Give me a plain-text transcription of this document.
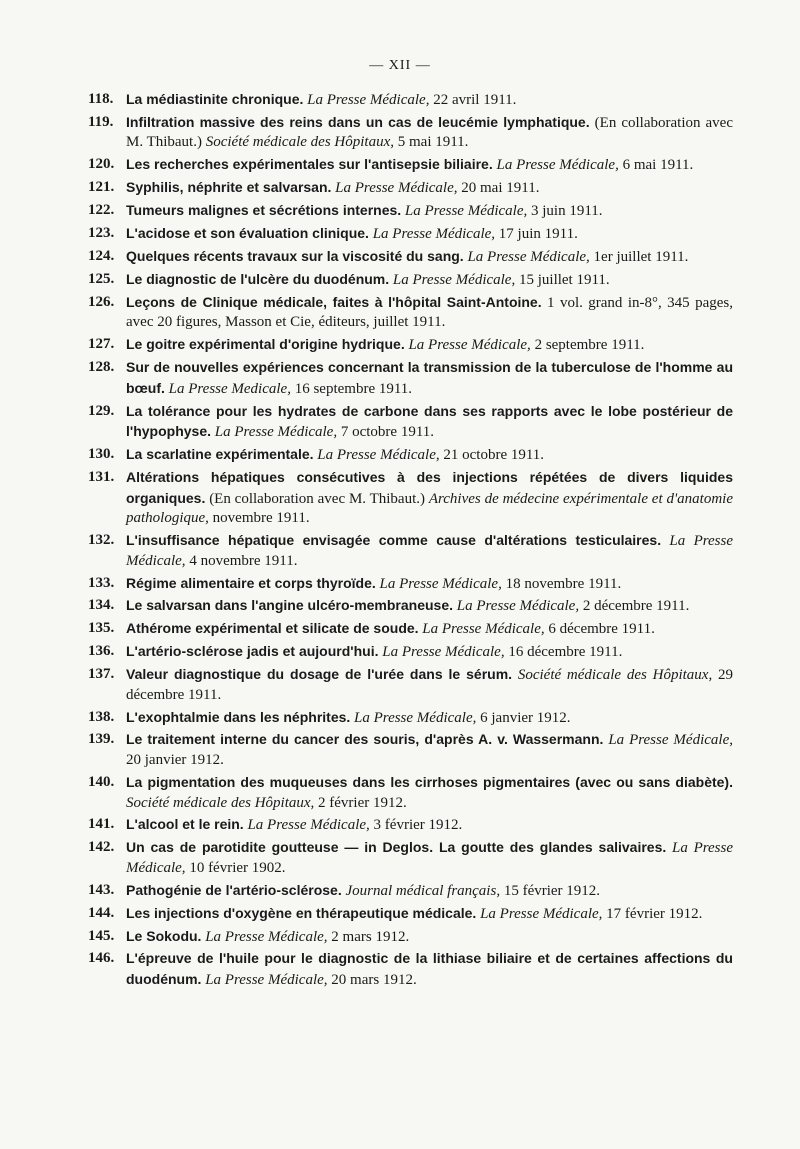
— XII —
118. La médiastinite chronique. La Presse Médicale, 22 avril 1911.
119. Infiltration massive des reins dans un cas de leucémie lymphatique. (En collaboration avec M. Thibaut.) Société médicale des Hôpitaux, 5 mai 1911.
120. Les recherches expérimentales sur l'antisepsie biliaire. La Presse Médicale, 6 mai 1911.
121. Syphilis, néphrite et salvarsan. La Presse Médicale, 20 mai 1911.
122. Tumeurs malignes et sécrétions internes. La Presse Médicale, 3 juin 1911.
123. L'acidose et son évaluation clinique. La Presse Médicale, 17 juin 1911.
124. Quelques récents travaux sur la viscosité du sang. La Presse Médicale, 1er juillet 1911.
125. Le diagnostic de l'ulcère du duodénum. La Presse Médicale, 15 juillet 1911.
126. Leçons de Clinique médicale, faites à l'hôpital Saint-Antoine. 1 vol. grand in-8°, 345 pages, avec 20 figures, Masson et Cie, éditeurs, juillet 1911.
127. Le goitre expérimental d'origine hydrique. La Presse Médicale, 2 septembre 1911.
128. Sur de nouvelles expériences concernant la transmission de la tuberculose de l'homme au bœuf. La Presse Medicale, 16 septembre 1911.
129. La tolérance pour les hydrates de carbone dans ses rapports avec le lobe postérieur de l'hypophyse. La Presse Médicale, 7 octobre 1911.
130. La scarlatine expérimentale. La Presse Médicale, 21 octobre 1911.
131. Altérations hépatiques consécutives à des injections répétées de divers liquides organiques. (En collaboration avec M. Thibaut.) Archives de médecine expérimentale et d'anatomie pathologique, novembre 1911.
132. L'insuffisance hépatique envisagée comme cause d'altérations testiculaires. La Presse Médicale, 4 novembre 1911.
133. Régime alimentaire et corps thyroïde. La Presse Médicale, 18 novembre 1911.
134. Le salvarsan dans l'angine ulcéro-membraneuse. La Presse Médicale, 2 décembre 1911.
135. Athérome expérimental et silicate de soude. La Presse Médicale, 6 décembre 1911.
136. L'artério-sclérose jadis et aujourd'hui. La Presse Médicale, 16 décembre 1911.
137. Valeur diagnostique du dosage de l'urée dans le sérum. Société médicale des Hôpitaux, 29 décembre 1911.
138. L'exophtalmie dans les néphrites. La Presse Médicale, 6 janvier 1912.
139. Le traitement interne du cancer des souris, d'après A. v. Wassermann. La Presse Médicale, 20 janvier 1912.
140. La pigmentation des muqueuses dans les cirrhoses pigmentaires (avec ou sans diabète). Société médicale des Hôpitaux, 2 février 1912.
141. L'alcool et le rein. La Presse Médicale, 3 février 1912.
142. Un cas de parotidite goutteuse — in Deglos. La goutte des glandes salivaires. La Presse Médicale, 10 février 1902.
143. Pathogénie de l'artério-sclérose. Journal médical français, 15 février 1912.
144. Les injections d'oxygène en thérapeutique médicale. La Presse Médicale, 17 février 1912.
145. Le Sokodu. La Presse Médicale, 2 mars 1912.
146. L'épreuve de l'huile pour le diagnostic de la lithiase biliaire et de certaines affections du duodénum. La Presse Médicale, 20 mars 1912.
